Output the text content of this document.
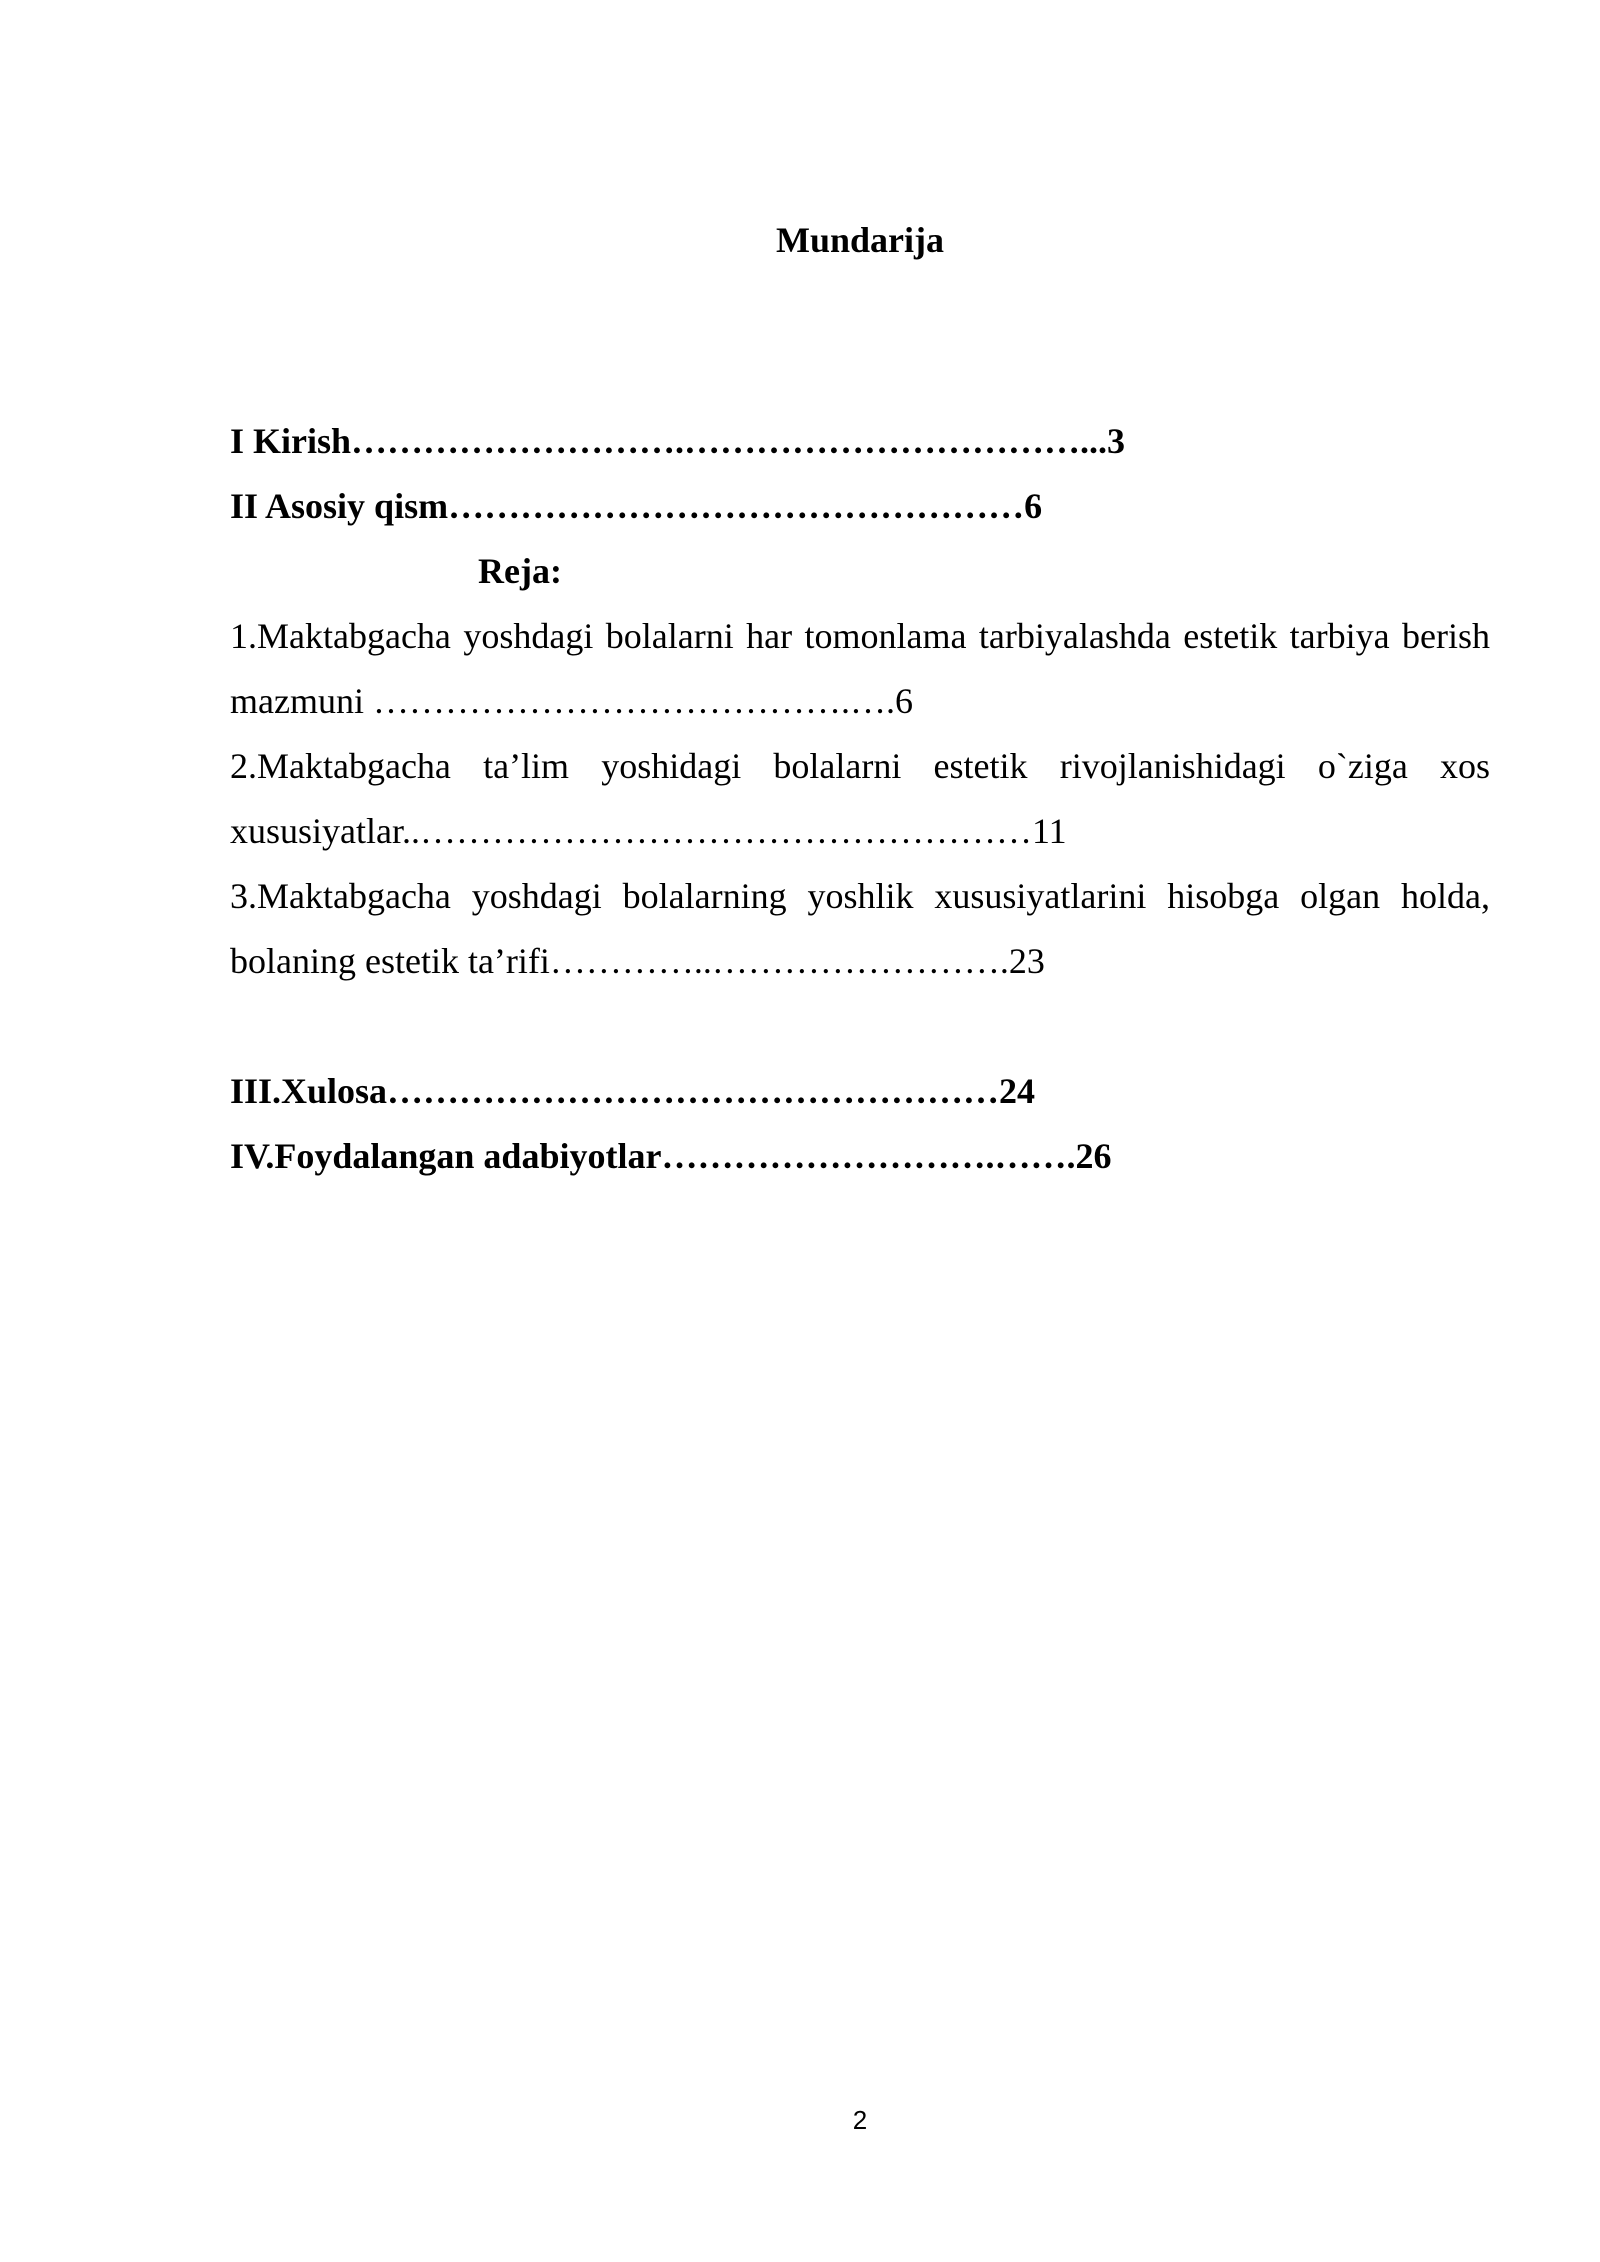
Mundarija
I Kirish……………………….……………………………...3
II Asosiy qism…………………………………………6
Reja:
1.Maktabgacha yoshdagi bolalarni har tomonlama tarbiyalashda estetik tarbiya berish mazmuni ………………………………….….6
2.Maktabgacha ta’lim yoshidagi bolalarni estetik rivojlanishidagi o`ziga xos xususiyatlar..……………………………………………11
3.Maktabgacha yoshdagi bolalarning yoshlik xususiyatlarini hisobga olgan holda, bolaning estetik ta’rifi…………..…………………….23
III.Xulosa……………………………………………24
IV.Foydalangan adabiyotlar……………………….…….26
2
